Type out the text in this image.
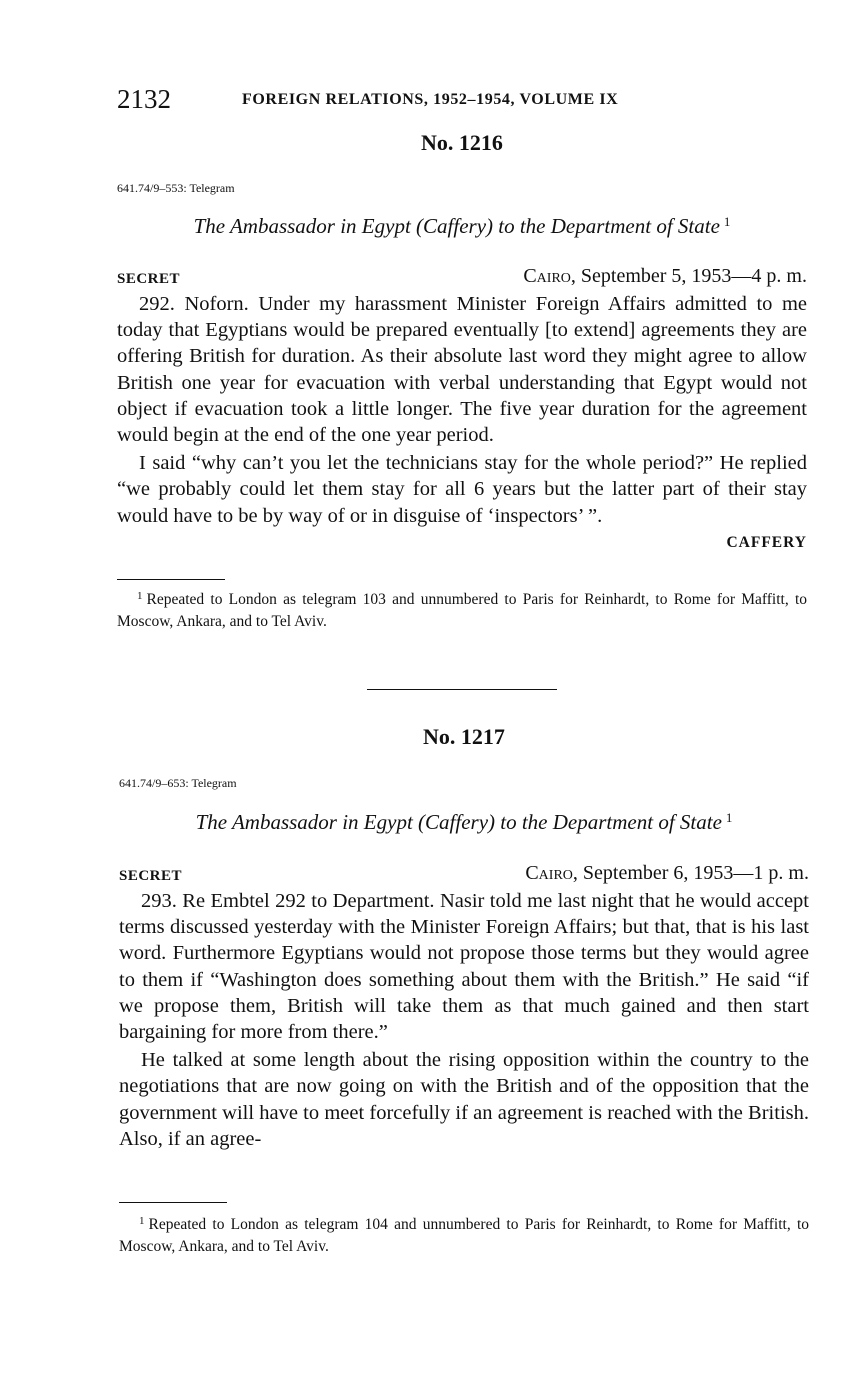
2132	FOREIGN RELATIONS, 1952–1954, VOLUME IX

No. 1216

641.74/9–553: Telegram

The Ambassador in Egypt (Caffery) to the Department of State $^1$

SECRET	Cairo, September 5, 1953—4 p. m.

292. Noforn. Under my harassment Minister Foreign Affairs admitted to me today that Egyptians would be prepared eventually [to extend] agreements they are offering British for duration. As their absolute last word they might agree to allow British one year for evacuation with verbal understanding that Egypt would not object if evacuation took a little longer. The five year duration for the agreement would begin at the end of the one year period.

I said “why can’t you let the technicians stay for the whole period?” He replied “we probably could let them stay for all 6 years but the latter part of their stay would have to be by way of or in disguise of ‘inspectors’ ”.

CAFFERY

$^1$ Repeated to London as telegram 103 and unnumbered to Paris for Reinhardt, to Rome for Maffitt, to Moscow, Ankara, and to Tel Aviv.

No. 1217

641.74/9–653: Telegram

The Ambassador in Egypt (Caffery) to the Department of State $^1$

SECRET	Cairo, September 6, 1953—1 p. m.

293. Re Embtel 292 to Department. Nasir told me last night that he would accept terms discussed yesterday with the Minister Foreign Affairs; but that, that is his last word. Furthermore Egyptians would not propose those terms but they would agree to them if “Washington does something about them with the British.” He said “if we propose them, British will take them as that much gained and then start bargaining for more from there.”

He talked at some length about the rising opposition within the country to the negotiations that are now going on with the British and of the opposition that the government will have to meet forcefully if an agreement is reached with the British. Also, if an agree-

$^1$ Repeated to London as telegram 104 and unnumbered to Paris for Reinhardt, to Rome for Maffitt, to Moscow, Ankara, and to Tel Aviv.
